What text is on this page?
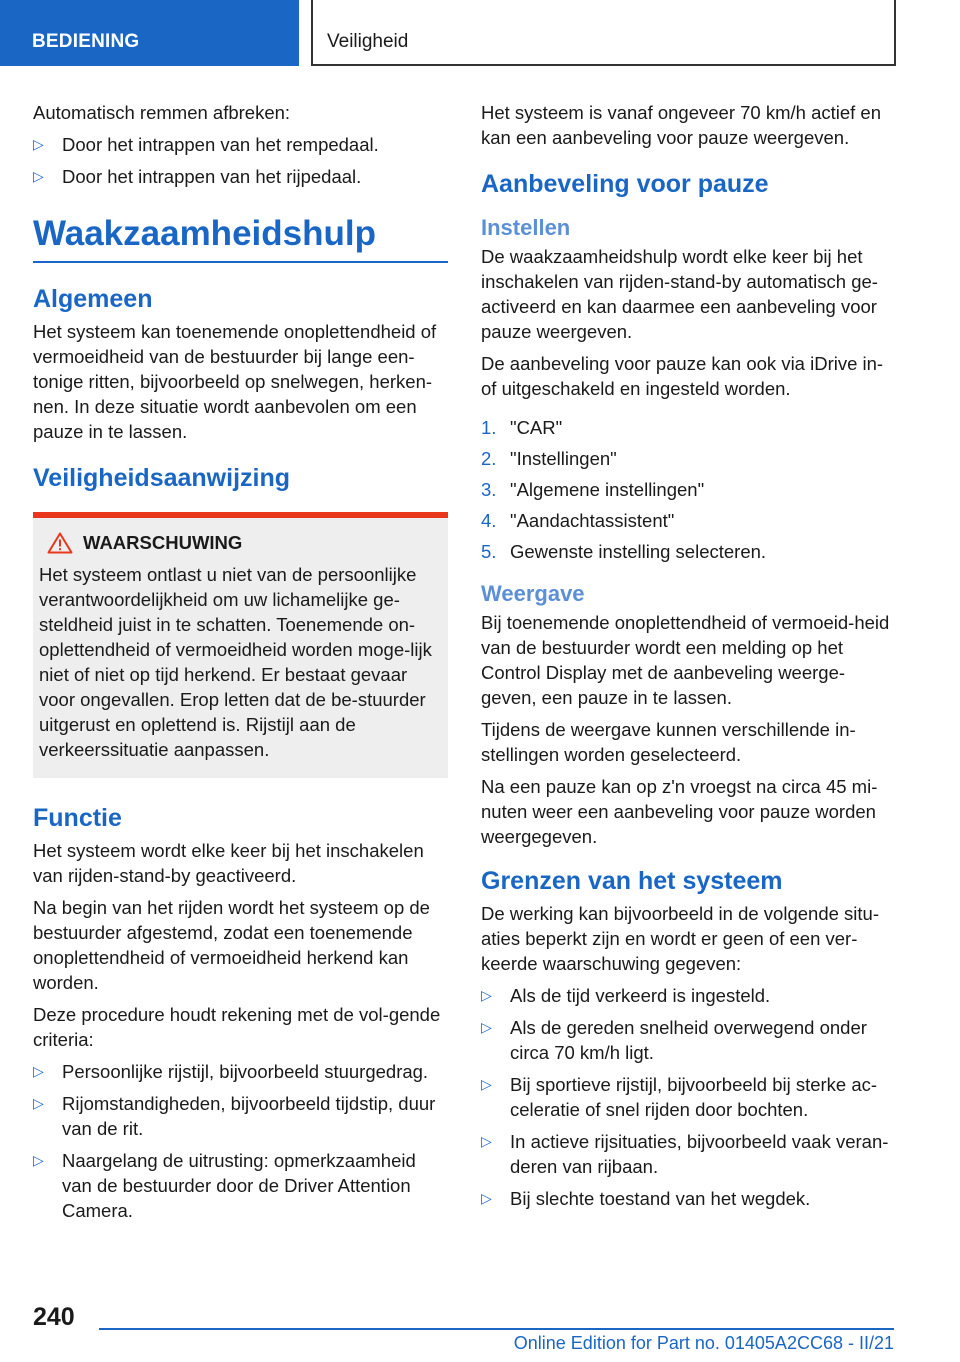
BEDIENING	Veiligheid

Automatisch remmen afbreken:

▷ Door het intrappen van het rempedaal.
▷ Door het intrappen van het rijpedaal.
Waakzaamheidshulp
Algemeen

Het systeem kan toenemende onoplettendheid of vermoeidheid van de bestuurder bij lange een-tonige ritten, bijvoorbeeld op snelwegen, herken-nen. In deze situatie wordt aanbevolen om een pauze in te lassen.

Veiligheidsaanwijzing
WAARSCHUWING

Het systeem ontlast u niet van de persoonlijke verantwoordelijkheid om uw lichamelijke ge-steldheid juist in te schatten. Toenemende on-oplettendheid of vermoeidheid worden moge-lijk niet of niet op tijd herkend. Er bestaat gevaar voor ongevallen. Erop letten dat de be-stuurder uitgerust en oplettend is. Rijstijl aan de verkeerssituatie aanpassen.

Functie

Het systeem wordt elke keer bij het inschakelen van rijden-stand-by geactiveerd.

Na begin van het rijden wordt het systeem op de bestuurder afgestemd, zodat een toenemende onoplettendheid of vermoeidheid herkend kan worden.

Deze procedure houdt rekening met de vol-gende criteria:

▷ Persoonlijke rijstijl, bijvoorbeeld stuurgedrag.
▷ Rijomstandigheden, bijvoorbeeld tijdstip, duur van de rit.
▷ Naargelang de uitrusting: opmerkzaamheid van de bestuurder door de Driver Attention Camera.

Het systeem is vanaf ongeveer 70 km/h actief en kan een aanbeveling voor pauze weergeven.

Aanbeveling voor pauze
Instellen

De waakzaamheidshulp wordt elke keer bij het inschakelen van rijden-stand-by automatisch ge-activeerd en kan daarmee een aanbeveling voor pauze weergeven.

De aanbeveling voor pauze kan ook via iDrive in- of uitgeschakeld en ingesteld worden.

1. "CAR"
2. "Instellingen"
3. "Algemene instellingen"
4. "Aandachtassistent"
5. Gewenste instelling selecteren.
Weergave

Bij toenemende onoplettendheid of vermoeid-heid van de bestuurder wordt een melding op het Control Display met de aanbeveling weerge-geven, een pauze in te lassen.

Tijdens de weergave kunnen verschillende in-stellingen worden geselecteerd.

Na een pauze kan op z'n vroegst na circa 45 mi-nuten weer een aanbeveling voor pauze worden weergegeven.

Grenzen van het systeem

De werking kan bijvoorbeeld in de volgende situ-aties beperkt zijn en wordt er geen of een ver-keerde waarschuwing gegeven:

▷ Als de tijd verkeerd is ingesteld.
▷ Als de gereden snelheid overwegend onder circa 70 km/h ligt.
▷ Bij sportieve rijstijl, bijvoorbeeld bij sterke ac-celeratie of snel rijden door bochten.
▷ In actieve rijsituaties, bijvoorbeeld vaak veran-deren van rijbaan.
▷ Bij slechte toestand van het wegdek.
240
Online Edition for Part no. 01405A2CC68 - II/21
